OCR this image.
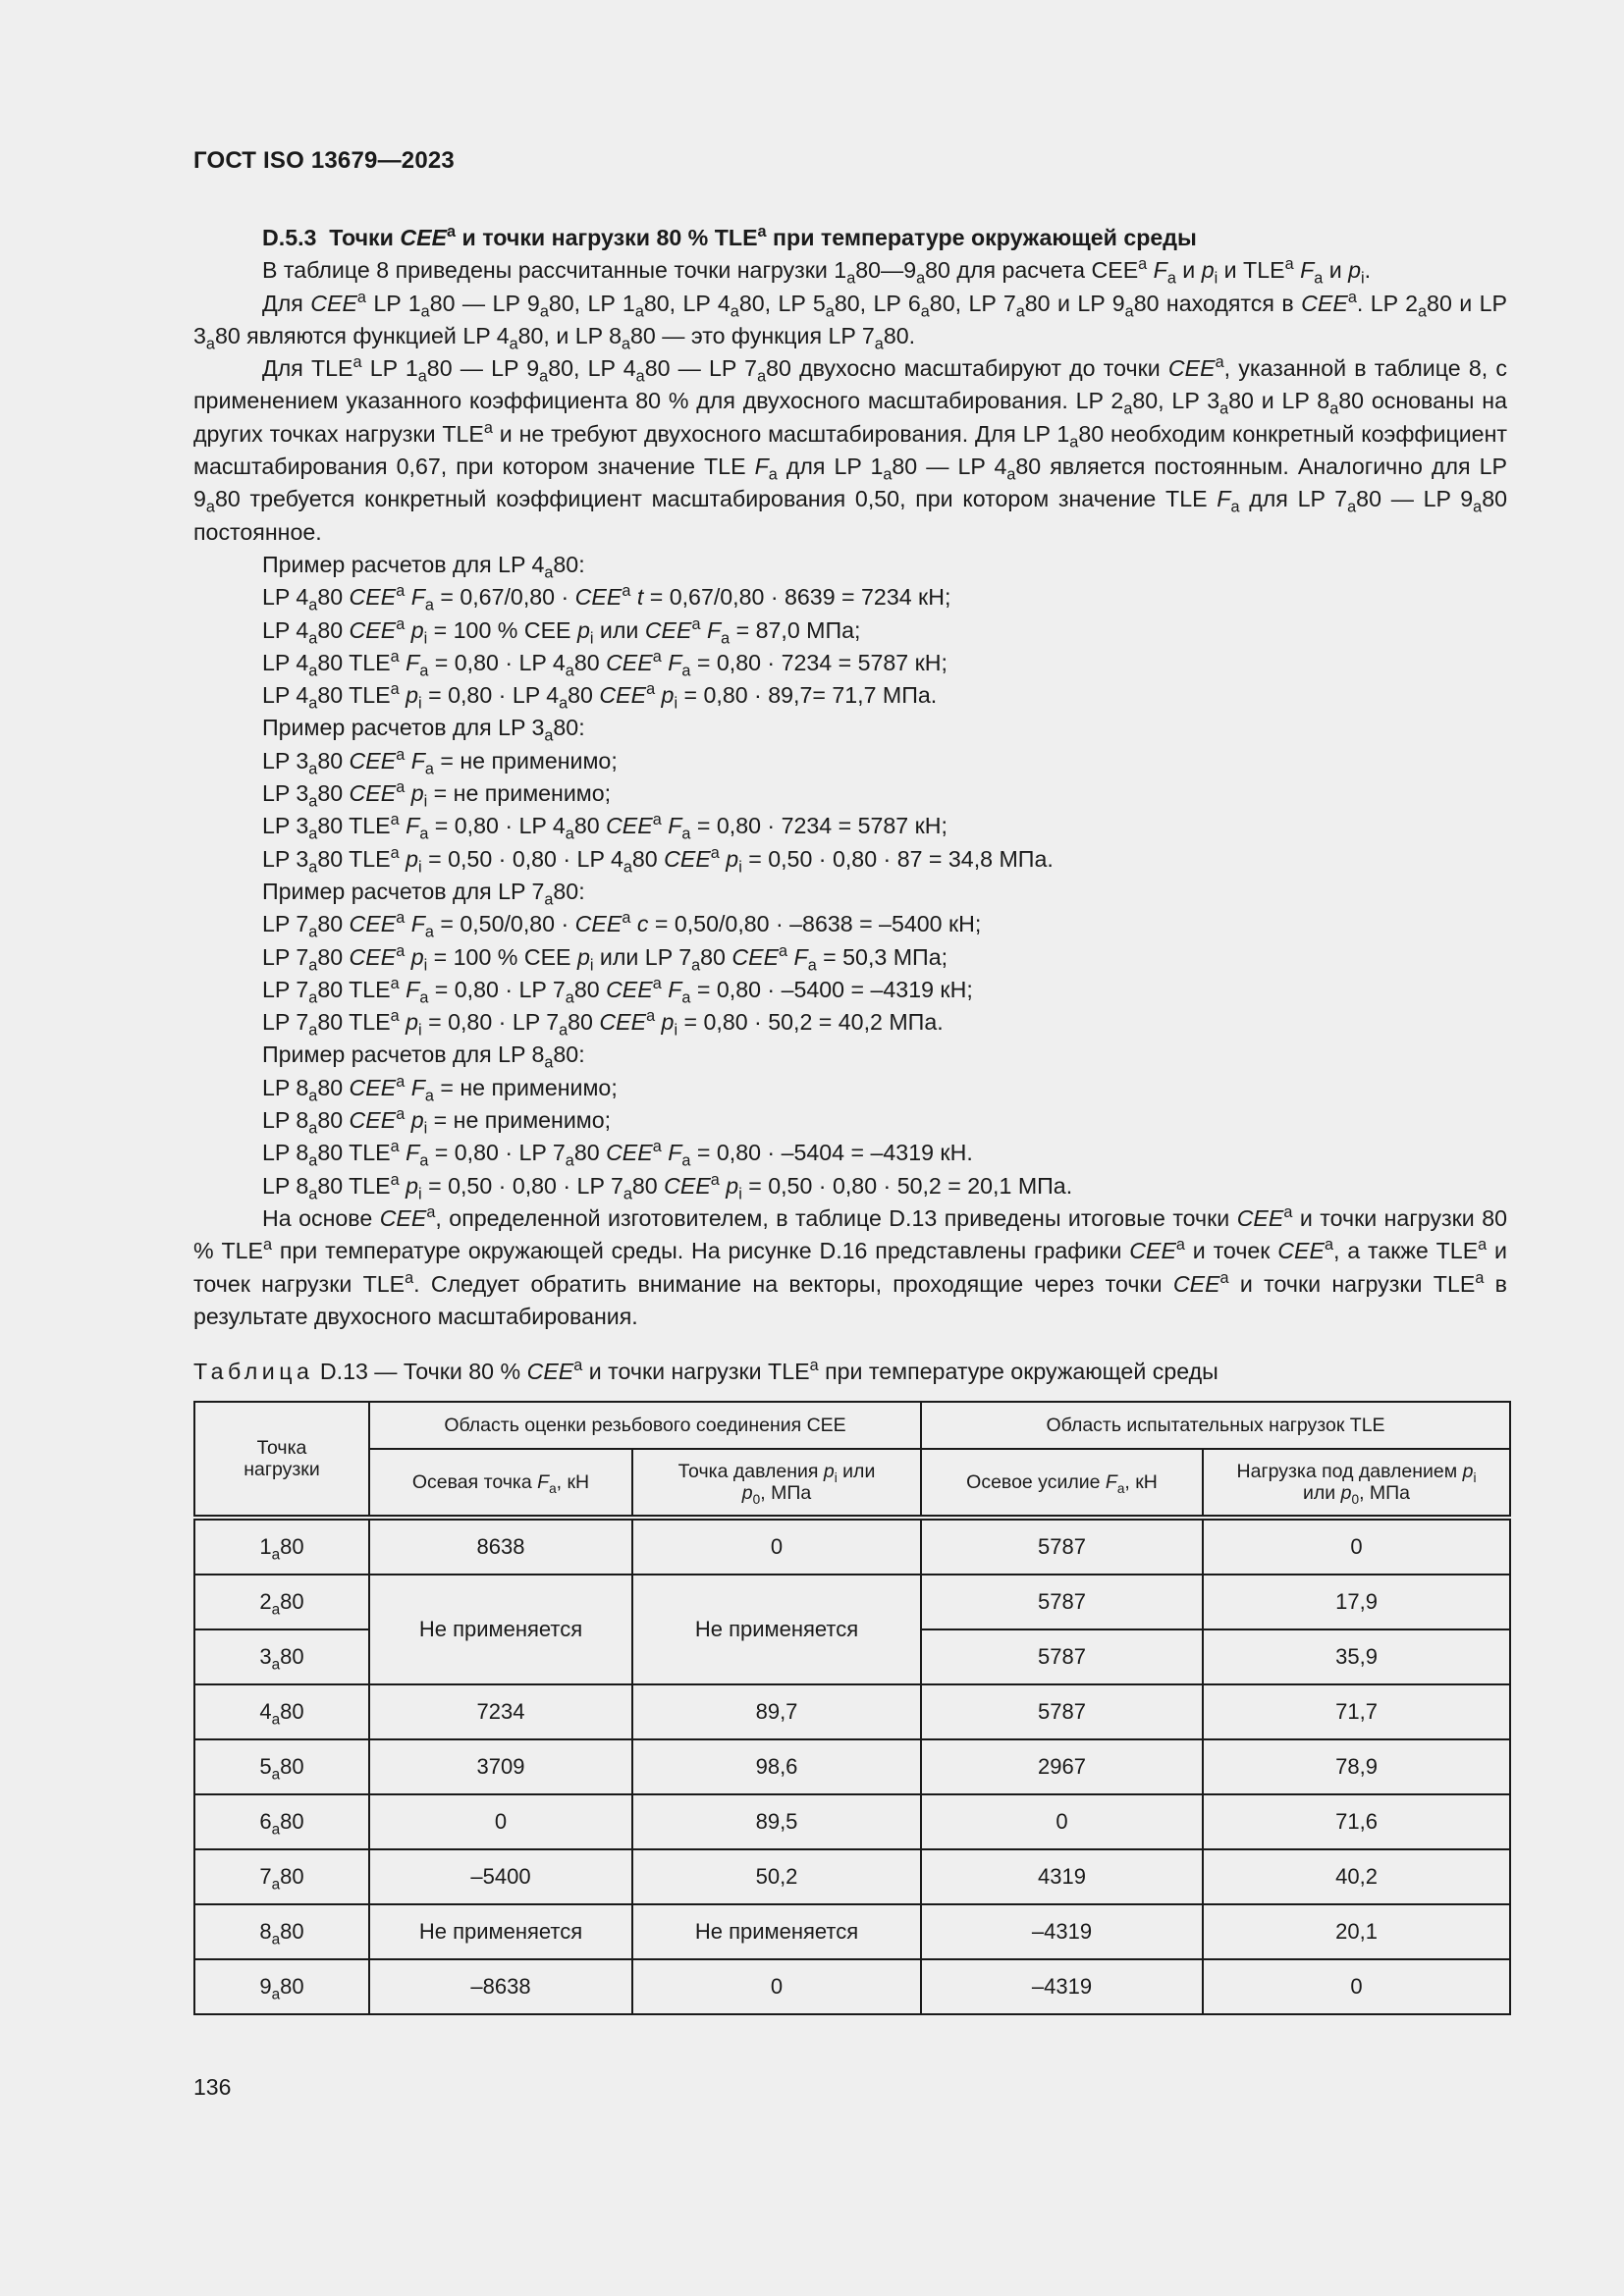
ГОСТ ISO 13679—2023

D.5.3  Точки CEE$^a$ и точки нагрузки 80 % TLE$^a$ при температуре окружающей среды

В таблице 8 приведены рассчитанные точки нагрузки $1_a80—9_a80$ для расчета CEE$^a$ $F_a$ и $p_i$ и TLE$^a$ $F_a$ и $p_i$.

Для CEE$^a$ LP $1_a80$ — LP $9_a80$, LP $1_a80$, LP $4_a80$, LP $5_a80$, LP $6_a80$, LP $7_a80$ и LP $9_a80$ находятся в CEE$^a$. LP $2_a80$ и LP $3_a80$ являются функцией LP $4_a80$, и LP $8_a80$ — это функция LP $7_a80$.

Для TLE$^a$ LP $1_a80$ — LP $9_a80$, LP $4_a80$ — LP $7_a80$ двухосно масштабируют до точки CEE$^a$, указанной в таблице 8, с применением указанного коэффициента 80 % для двухосного масштабирования. LP $2_a80$, LP $3_a80$ и LP $8_a80$ основаны на других точках нагрузки TLE$^a$ и не требуют двухосного масштабирования. Для LP $1_a80$ необходим конкретный коэффициент масштабирования 0,67, при котором значение TLE $F_a$ для LP $1_a80$ — LP $4_a80$ является постоянным. Аналогично для LP $9_a80$ требуется конкретный коэффициент масштабирования 0,50, при котором значение TLE $F_a$ для LP $7_a80$ — LP $9_a80$ постоянное.

Пример расчетов для LP $4_a80$:

LP $4_a80$ CEE$^a$ $F_a = 0,67/0,80 \cdot CEE^a$ t = 0,67/0,80 · 8639 = 7234 кН;

LP $4_a80$ CEE$^a$ $p_i = 100$ % CEE $p_i$ или CEE$^a$ $F_a = 87,0$ МПа;

LP $4_a80$ TLE$^a$ $F_a = 0,80$ · LP $4_a80$ CEE$^a$ $F_a = 0,80 \cdot 7234 = 5787$ кН;

LP $4_a80$ TLE$^a$ $p_i = 0,80$ · LP $4_a80$ CEE$^a$ $p_i = 0,80 \cdot 89,7= 71,7$ МПа.

Пример расчетов для LP $3_a80$:

LP $3_a80$ CEE$^a$ $F_a$ = не применимо;

LP $3_a80$ CEE$^a$ $p_i$ = не применимо;

LP $3_a80$ TLE$^a$ $F_a = 0,80$ · LP $4_a80$ CEE$^a$ $F_a = 0,80 \cdot 7234 = 5787$ кН;

LP $3_a80$ TLE$^a$ $p_i = 0,50 \cdot 0,80$ · LP $4_a80$ CEE$^a$ $p_i = 0,50 \cdot 0,80 \cdot 87 = 34,8$ МПа.

Пример расчетов для LP $7_a80$:

LP $7_a80$ CEE$^a$ $F_a = 0,50/0,80 \cdot CEE^a$ c = 0,50/0,80 · –8638 = –5400 кН;

LP $7_a80$ CEE$^a$ $p_i = 100$ % CEE $p_i$ или LP $7_a80$ CEE$^a$ $F_a = 50,3$ МПа;

LP $7_a80$ TLE$^a$ $F_a = 0,80$ · LP $7_a80$ CEE$^a$ $F_a = 0,80 \cdot -5400 = -4319$ кН;

LP $7_a80$ TLE$^a$ $p_i = 0,80$ · LP $7_a80$ CEE$^a$ $p_i = 0,80 \cdot 50,2 = 40,2$ МПа.

Пример расчетов для LP $8_a80$:

LP $8_a80$ CEE$^a$ $F_a$ = не применимо;

LP $8_a80$ CEE$^a$ $p_i$ = не применимо;

LP $8_a80$ TLE$^a$ $F_a = 0,80$ · LP $7_a80$ CEE$^a$ $F_a = 0,80 \cdot -5404 = -4319$ кН.

LP $8_a80$ TLE$^a$ $p_i = 0,50 \cdot 0,80$ · LP $7_a80$ CEE$^a$ $p_i = 0,50 \cdot 0,80 \cdot 50,2 = 20,1$ МПа.

На основе CEE$^a$, определенной изготовителем, в таблице D.13 приведены итоговые точки CEE$^a$ и точки нагрузки 80 % TLE$^a$ при температуре окружающей среды. На рисунке D.16 представлены графики CEE$^a$ и точек CEE$^a$, а также TLE$^a$ и точек нагрузки TLE$^a$. Следует обратить внимание на векторы, проходящие через точки CEE$^a$ и точки нагрузки TLE$^a$ в результате двухосного масштабирования.

Таблица D.13 — Точки 80 % CEE$^a$ и точки нагрузки TLE$^a$ при температуре окружающей среды
Точка
нагрузки	Область оценки резьбового соединения CEE		Область испытательных нагрузок TLE	
	Осевая точка $F_a$, кН	Точка давления $p_i$ или
$p_0$, МПа	Осевое усилие $F_a$, кН	Нагрузка под давлением $p_i$
или $p_0$, МПа
$1_a80$	8638	0	5787	0
$2_a80$	Не применяется	Не применяется	5787	17,9
$3_a80$			5787	35,9
$4_a80$	7234	89,7	5787	71,7
$5_a80$	3709	98,6	2967	78,9
$6_a80$	0	89,5	0	71,6
$7_a80$	–5400	50,2	4319	40,2
$8_a80$	Не применяется	Не применяется	–4319	20,1
$9_a80$	–8638	0	–4319	0
136
